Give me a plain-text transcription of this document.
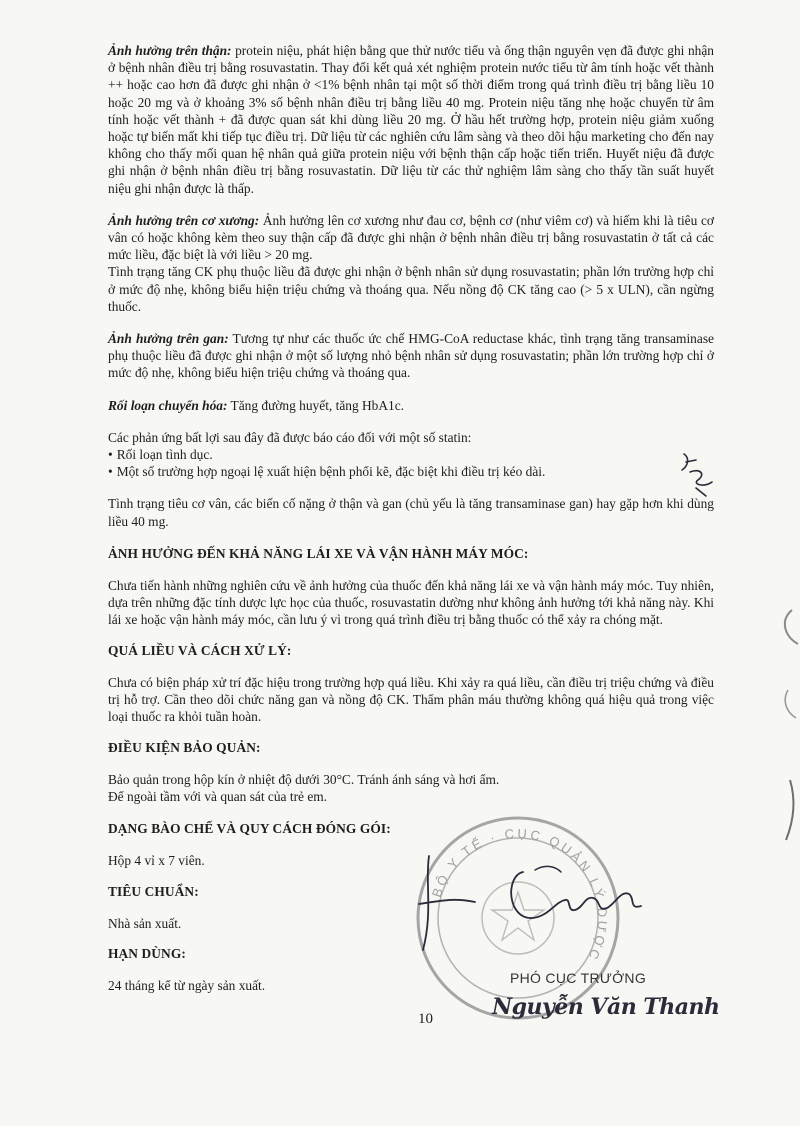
Ảnh hưởng trên thận: protein niệu, phát hiện bằng que thử nước tiểu và ống thận nguyên vẹn đã được ghi nhận ở bệnh nhân điều trị bằng rosuvastatin. Thay đổi kết quả xét nghiệm protein nước tiểu từ âm tính hoặc vết thành ++ hoặc cao hơn đã được ghi nhận ở <1% bệnh nhân tại một số thời điểm trong quá trình điều trị bằng liều 10 hoặc 20 mg và ở khoảng 3% số bệnh nhân điều trị bằng liều 40 mg. Protein niệu tăng nhẹ hoặc chuyển từ âm tính hoặc vết thành + đã được quan sát khi dùng liều 20 mg. Ở hầu hết trường hợp, protein niệu giảm xuống hoặc tự biến mất khi tiếp tục điều trị. Dữ liệu từ các nghiên cứu lâm sàng và theo dõi hậu marketing cho đến nay không cho thấy mối quan hệ nhân quả giữa protein niệu với bệnh thận cấp hoặc tiến triển. Huyết niệu đã được ghi nhận ở bệnh nhân điều trị bằng rosuvastatin. Dữ liệu từ các thử nghiệm lâm sàng cho thấy tần suất huyết niệu ghi nhận được là thấp.

Ảnh hưởng trên cơ xương: Ảnh hưởng lên cơ xương như đau cơ, bệnh cơ (như viêm cơ) và hiếm khi là tiêu cơ vân có hoặc không kèm theo suy thận cấp đã được ghi nhận ở bệnh nhân điều trị bằng rosuvastatin ở tất cả các mức liều, đặc biệt là với liều > 20 mg.

Tình trạng tăng CK phụ thuộc liều đã được ghi nhận ở bệnh nhân sử dụng rosuvastatin; phần lớn trường hợp chỉ ở mức độ nhẹ, không biểu hiện triệu chứng và thoáng qua. Nếu nồng độ CK tăng cao (> 5 x ULN), cần ngừng thuốc.

Ảnh hưởng trên gan: Tương tự như các thuốc ức chế HMG-CoA reductase khác, tình trạng tăng transaminase phụ thuộc liều đã được ghi nhận ở một số lượng nhỏ bệnh nhân sử dụng rosuvastatin; phần lớn trường hợp chỉ ở mức độ nhẹ, không biểu hiện triệu chứng và thoáng qua.

Rối loạn chuyển hóa: Tăng đường huyết, tăng HbA1c.

Các phản ứng bất lợi sau đây đã được báo cáo đối với một số statin:
• Rối loạn tình dục.
• Một số trường hợp ngoại lệ xuất hiện bệnh phổi kẽ, đặc biệt khi điều trị kéo dài.

Tình trạng tiêu cơ vân, các biến cố nặng ở thận và gan (chủ yếu là tăng transaminase gan) hay gặp hơn khi dùng liều 40 mg.

ẢNH HƯỞNG ĐẾN KHẢ NĂNG LÁI XE VÀ VẬN HÀNH MÁY MÓC:

Chưa tiến hành những nghiên cứu về ảnh hưởng của thuốc đến khả năng lái xe và vận hành máy móc. Tuy nhiên, dựa trên những đặc tính dược lực học của thuốc, rosuvastatin dường như không ảnh hưởng tới khả năng này. Khi lái xe hoặc vận hành máy móc, cần lưu ý vì trong quá trình điều trị bằng thuốc có thể xảy ra chóng mặt.

QUÁ LIỀU VÀ CÁCH XỬ LÝ:

Chưa có biện pháp xử trí đặc hiệu trong trường hợp quá liều. Khi xảy ra quá liều, cần điều trị triệu chứng và điều trị hỗ trợ. Cần theo dõi chức năng gan và nồng độ CK. Thẩm phân máu thường không quá hiệu quả trong việc loại thuốc ra khỏi tuần hoàn.

ĐIỀU KIỆN BẢO QUẢN:

Bảo quản trong hộp kín ở nhiệt độ dưới 30°C. Tránh ánh sáng và hơi ẩm.

Để ngoài tầm với và quan sát của trẻ em.

DẠNG BÀO CHẾ VÀ QUY CÁCH ĐÓNG GÓI:

Hộp 4 vỉ x 7 viên.

TIÊU CHUẨN:

Nhà sản xuất.

HẠN DÙNG:

24 tháng kể từ ngày sản xuất.

BỘ Y TẾ · CỤC QUẢN LÝ DƯỢC
PHÓ CỤC TRƯỞNG
Nguyễn Văn Thanh
10
